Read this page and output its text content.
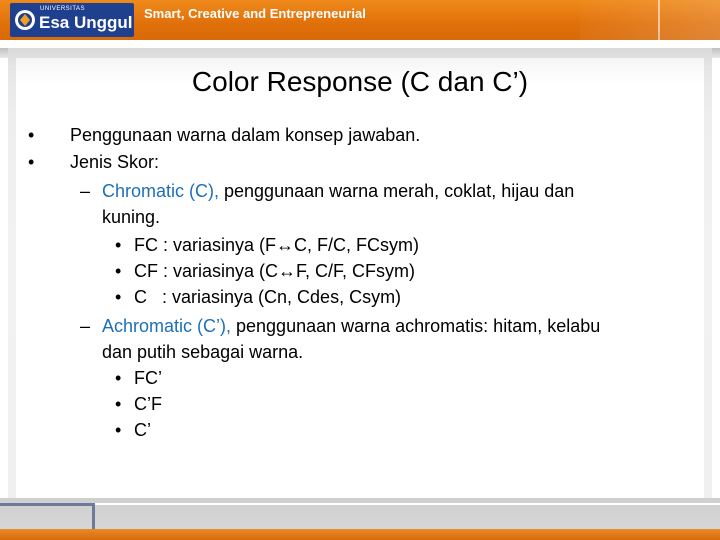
UNIVERSITAS
Esa Unggul Smart, Creative and Entrepreneurial
Color Response (C dan C’)
• Penggunaan warna dalam konsep jawaban.
• Jenis Skor:
– Chromatic (C), penggunaan warna merah, coklat, hijau dan
kuning.
• FC : variasinya (F↔C, F/C, FCsym)
• CF : variasinya (C↔F, C/F, CFsym)
• C   : variasinya (Cn, Cdes, Csym)
– Achromatic (C’), penggunaan warna achromatis: hitam, kelabu
dan putih sebagai warna.
• FC’
• C’F
• C’
